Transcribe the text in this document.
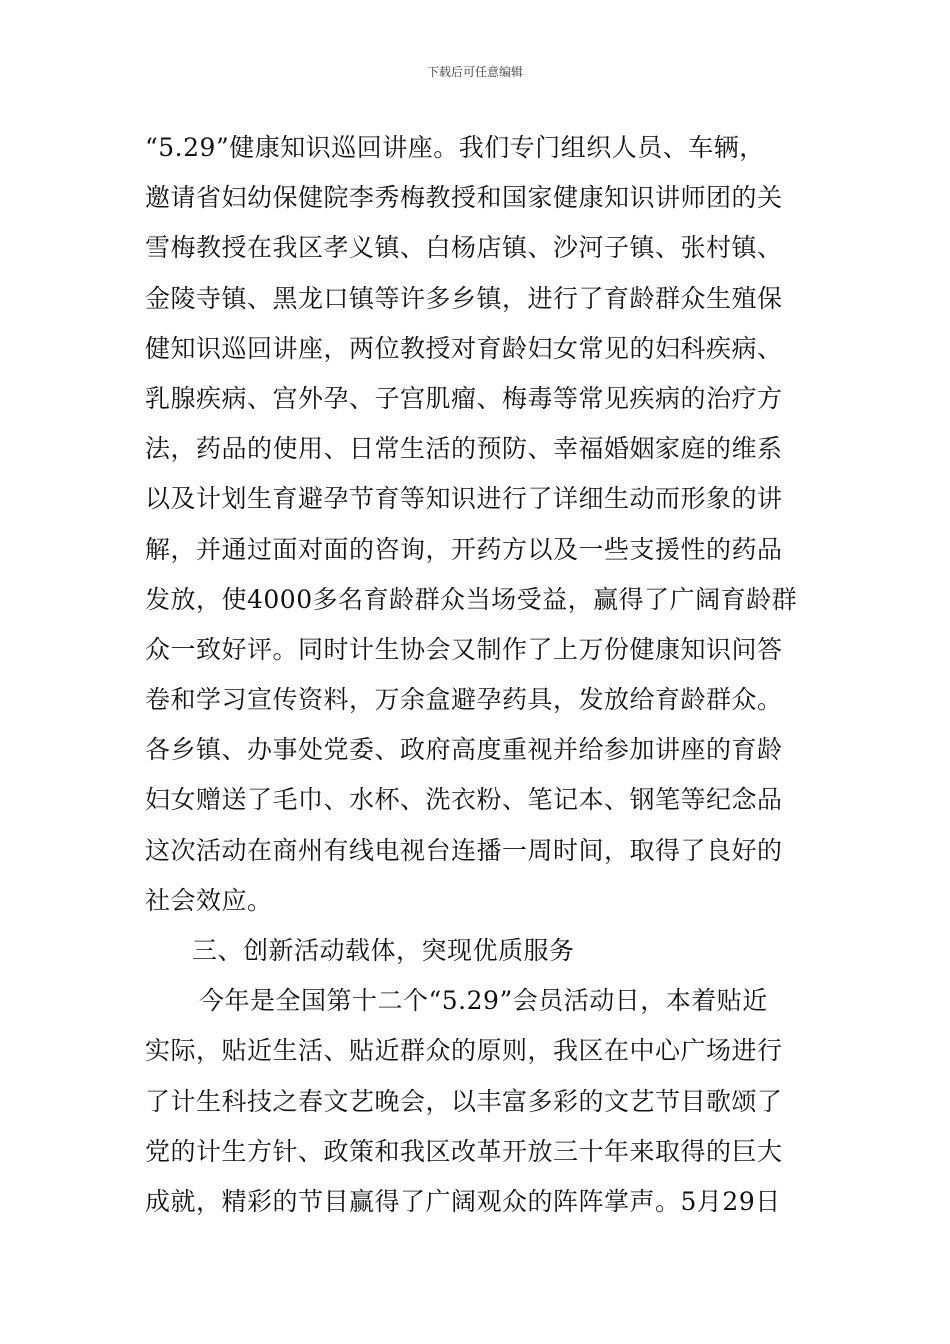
下载后可任意编辑
“5.29”健康知识巡回讲座。我们专门组织人员、车辆，
邀请省妇幼保健院李秀梅教授和国家健康知识讲师团的关
雪梅教授在我区孝义镇、白杨店镇、沙河子镇、张村镇、
金陵寺镇、黑龙口镇等许多乡镇，进行了育龄群众生殖保
健知识巡回讲座，两位教授对育龄妇女常见的妇科疾病、
乳腺疾病、宫外孕、子宫肌瘤、梅毒等常见疾病的治疗方
法，药品的使用、日常生活的预防、幸福婚姻家庭的维系
以及计划生育避孕节育等知识进行了详细生动而形象的讲
解，并通过面对面的咨询，开药方以及一些支援性的药品
发放，使4000多名育龄群众当场受益，赢得了广阔育龄群
众一致好评。同时计生协会又制作了上万份健康知识问答
卷和学习宣传资料，万余盒避孕药具，发放给育龄群众。
各乡镇、办事处党委、政府高度重视并给参加讲座的育龄
妇女赠送了毛巾、水杯、洗衣粉、笔记本、钢笔等纪念品
这次活动在商州有线电视台连播一周时间，取得了良好的
社会效应。
三、创新活动载体，突现优质服务
今年是全国第十二个“5.29”会员活动日，本着贴近
实际，贴近生活、贴近群众的原则，我区在中心广场进行
了计生科技之春文艺晚会，以丰富多彩的文艺节目歌颂了
党的计生方针、政策和我区改革开放三十年来取得的巨大
成就，精彩的节目赢得了广阔观众的阵阵掌声。5月29日
